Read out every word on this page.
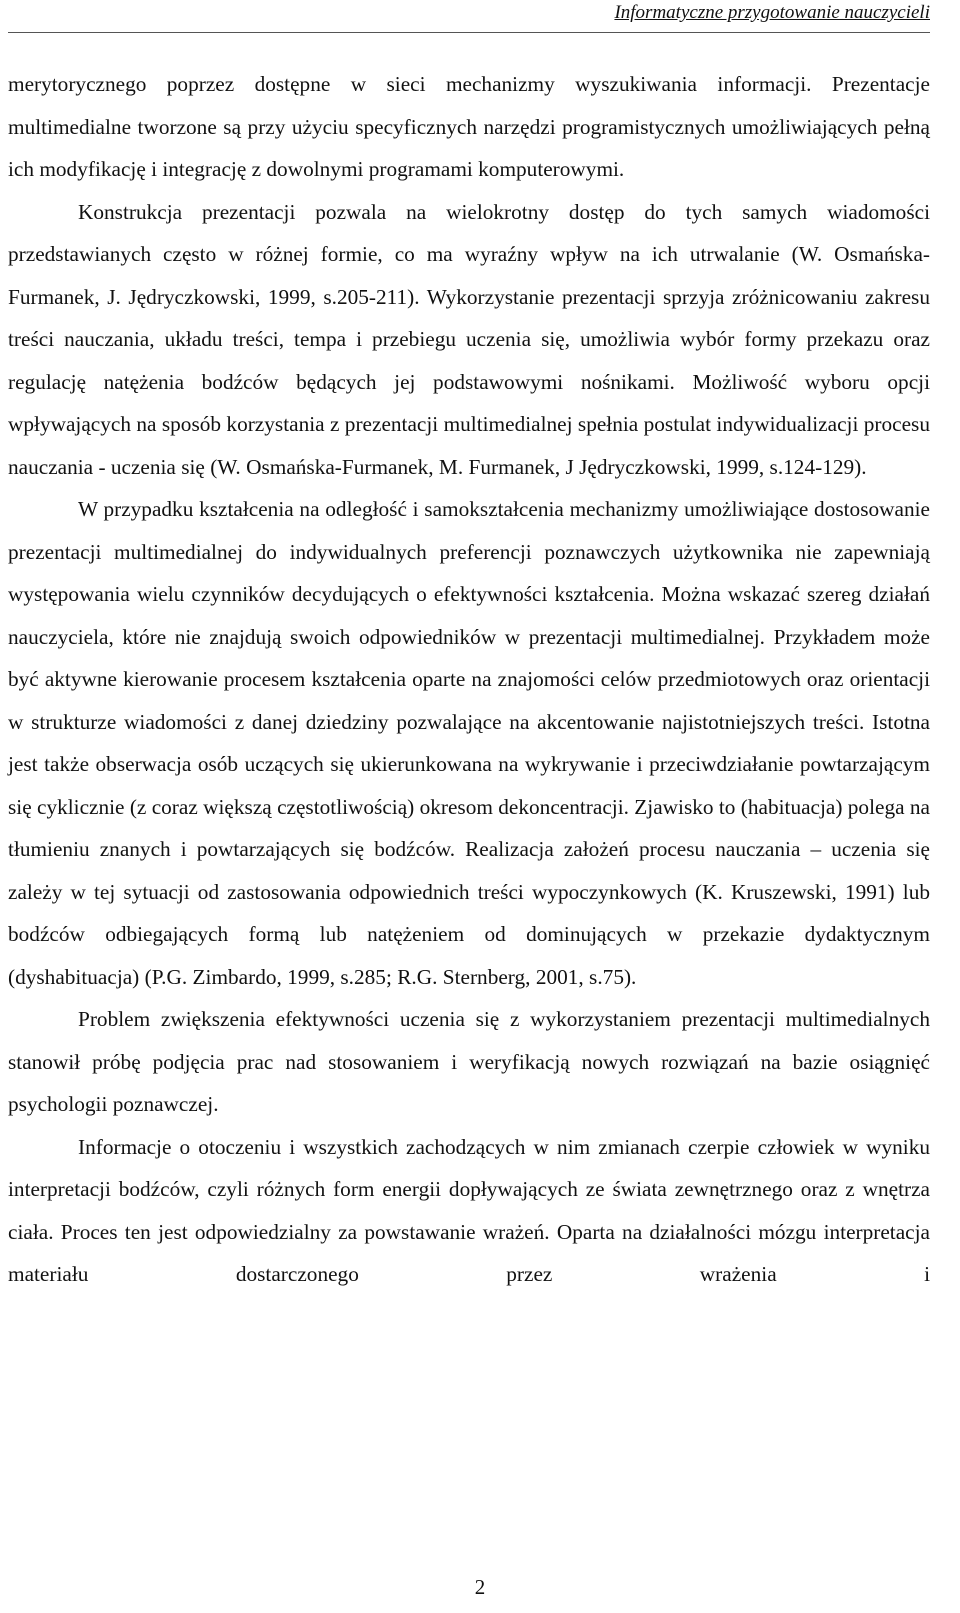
Informatyczne przygotowanie nauczycieli

merytorycznego poprzez dostępne w sieci mechanizmy wyszukiwania informacji. Prezentacje multimedialne tworzone są przy użyciu specyficznych narzędzi programistycznych umożliwiających pełną ich modyfikację i integrację z dowolnymi programami komputerowymi.

Konstrukcja prezentacji pozwala na wielokrotny dostęp do tych samych wiadomości przedstawianych często w różnej formie, co ma wyraźny wpływ na ich utrwalanie (W. Osmańska-Furmanek, J. Jędryczkowski, 1999, s.205-211). Wykorzystanie prezentacji sprzyja zróżnicowaniu zakresu treści nauczania, układu treści, tempa i przebiegu uczenia się, umożliwia wybór formy przekazu oraz regulację natężenia bodźców będących jej podstawowymi nośnikami. Możliwość wyboru opcji wpływających na sposób korzystania z prezentacji multimedialnej spełnia postulat indywidualizacji procesu nauczania - uczenia się (W. Osmańska-Furmanek, M. Furmanek, J Jędryczkowski, 1999, s.124-129).

W przypadku kształcenia na odległość i samokształcenia mechanizmy umożliwiające dostosowanie prezentacji multimedialnej do indywidualnych preferencji poznawczych użytkownika nie zapewniają występowania wielu czynników decydujących o efektywności kształcenia. Można wskazać szereg działań nauczyciela, które nie znajdują swoich odpowiedników w prezentacji multimedialnej. Przykładem może być aktywne kierowanie procesem kształcenia oparte na znajomości celów przedmiotowych oraz orientacji w strukturze wiadomości z danej dziedziny pozwalające na akcentowanie najistotniejszych treści. Istotna jest także obserwacja osób uczących się ukierunkowana na wykrywanie i przeciwdziałanie powtarzającym się cyklicznie (z coraz większą częstotliwością) okresom dekoncentracji. Zjawisko to (habituacja) polega na tłumieniu znanych i powtarzających się bodźców. Realizacja założeń procesu nauczania – uczenia się zależy w tej sytuacji od zastosowania odpowiednich treści wypoczynkowych (K. Kruszewski, 1991) lub bodźców odbiegających formą lub natężeniem od dominujących w przekazie dydaktycznym (dyshabituacja) (P.G. Zimbardo, 1999, s.285; R.G. Sternberg, 2001, s.75).

Problem zwiększenia efektywności uczenia się z wykorzystaniem prezentacji multimedialnych stanowił próbę podjęcia prac nad stosowaniem i weryfikacją nowych rozwiązań na bazie osiągnięć psychologii poznawczej.

Informacje o otoczeniu i wszystkich zachodzących w nim zmianach czerpie człowiek w wyniku interpretacji bodźców, czyli różnych form energii dopływających ze świata zewnętrznego oraz z wnętrza ciała. Proces ten jest odpowiedzialny za powstawanie wrażeń. Oparta na działalności mózgu interpretacja materiału dostarczonego przez wrażenia i

2
